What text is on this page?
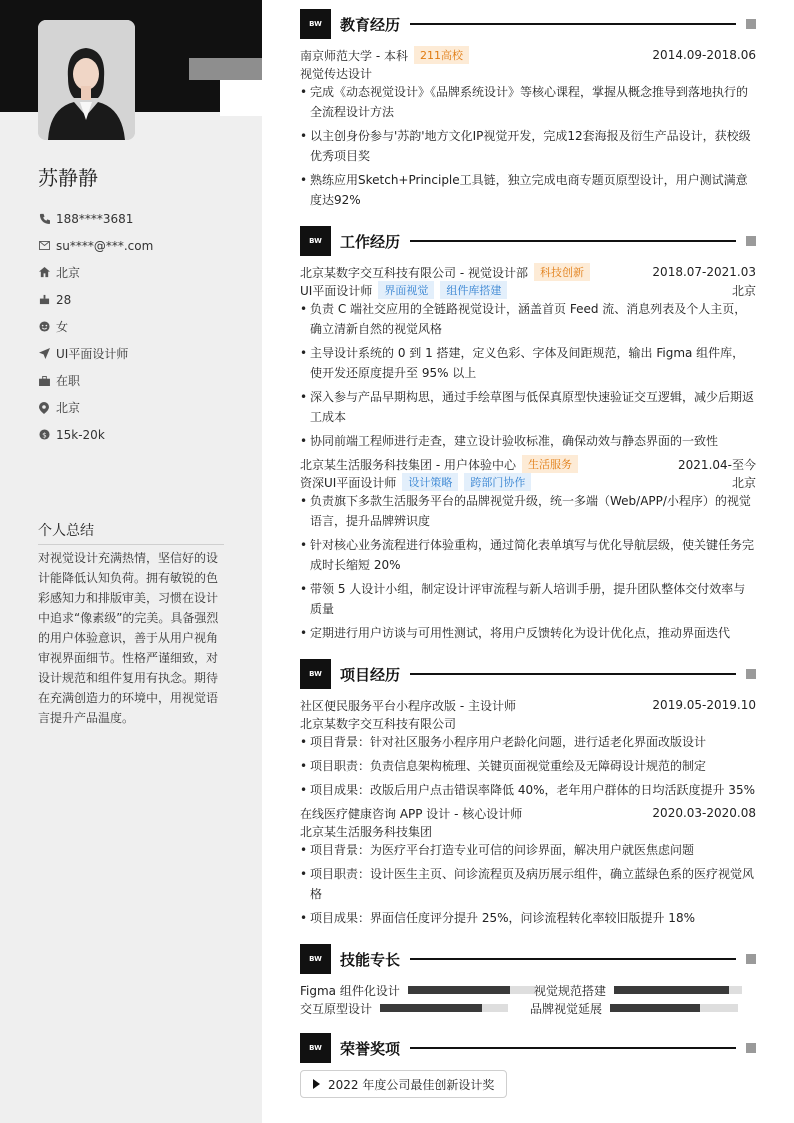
苏静静
188****3681
su****@***.com
北京
28
女
UI平面设计师
在职
北京
$ 15k-20k
个人总结
对视觉设计充满热情，坚信好的设计能降低认知负荷。拥有敏锐的色彩感知力和排版审美，习惯在设计中追求“像素级”的完美。具备强烈的用户体验意识，善于从用户视角审视界面细节。性格严谨细致，对设计规范和组件复用有执念。期待在充满创造力的环境中，用视觉语言提升产品温度。
BW	教育经历
南京师范大学 - 本科	211高校	2014.09-2018.06
视觉传达设计
• 完成《动态视觉设计》《品牌系统设计》等核心课程，掌握从概念推导到落地执行的全流程设计方法
• 以主创身份参与'苏韵'地方文化IP视觉开发，完成12套海报及衍生产品设计，获校级优秀项目奖
• 熟练应用Sketch+Principle工具链，独立完成电商专题页原型设计，用户测试满意度达92%
BW	工作经历
北京某数字交互科技有限公司 - 视觉设计部	科技创新	2018.07-2021.03
UI平面设计师	界面视觉	组件库搭建	北京
• 负责 C 端社交应用的全链路视觉设计，涵盖首页 Feed 流、消息列表及个人主页，确立清新自然的视觉风格
• 主导设计系统的 0 到 1 搭建，定义色彩、字体及间距规范，输出 Figma 组件库，使开发还原度提升至 95% 以上
• 深入参与产品早期构思，通过手绘草图与低保真原型快速验证交互逻辑，减少后期返工成本
• 协同前端工程师进行走查，建立设计验收标准，确保动效与静态界面的一致性
北京某生活服务科技集团 - 用户体验中心	生活服务	2021.04-至今
资深UI平面设计师	设计策略	跨部门协作	北京
• 负责旗下多款生活服务平台的品牌视觉升级，统一多端（Web/APP/小程序）的视觉语言，提升品牌辨识度
• 针对核心业务流程进行体验重构，通过简化表单填写与优化导航层级，使关键任务完成时长缩短 20%
• 带领 5 人设计小组，制定设计评审流程与新人培训手册，提升团队整体交付效率与质量
• 定期进行用户访谈与可用性测试，将用户反馈转化为设计优化点，推动界面迭代
BW	项目经历
社区便民服务平台小程序改版 - 主设计师	2019.05-2019.10
北京某数字交互科技有限公司
• 项目背景：针对社区服务小程序用户老龄化问题，进行适老化界面改版设计
• 项目职责：负责信息架构梳理、关键页面视觉重绘及无障碍设计规范的制定
• 项目成果：改版后用户点击错误率降低 40%，老年用户群体的日均活跃度提升 35%
在线医疗健康咨询 APP 设计 - 核心设计师	2020.03-2020.08
北京某生活服务科技集团
• 项目背景：为医疗平台打造专业可信的问诊界面，解决用户就医焦虑问题
• 项目职责：设计医生主页、问诊流程页及病历展示组件，确立蓝绿色系的医疗视觉风格
• 项目成果：界面信任度评分提升 25%，问诊流程转化率较旧版提升 18%
BW	技能专长
Figma 组件化设计	视觉规范搭建
交互原型设计	品牌视觉延展
BW	荣誉奖项
2022 年度公司最佳创新设计奖
